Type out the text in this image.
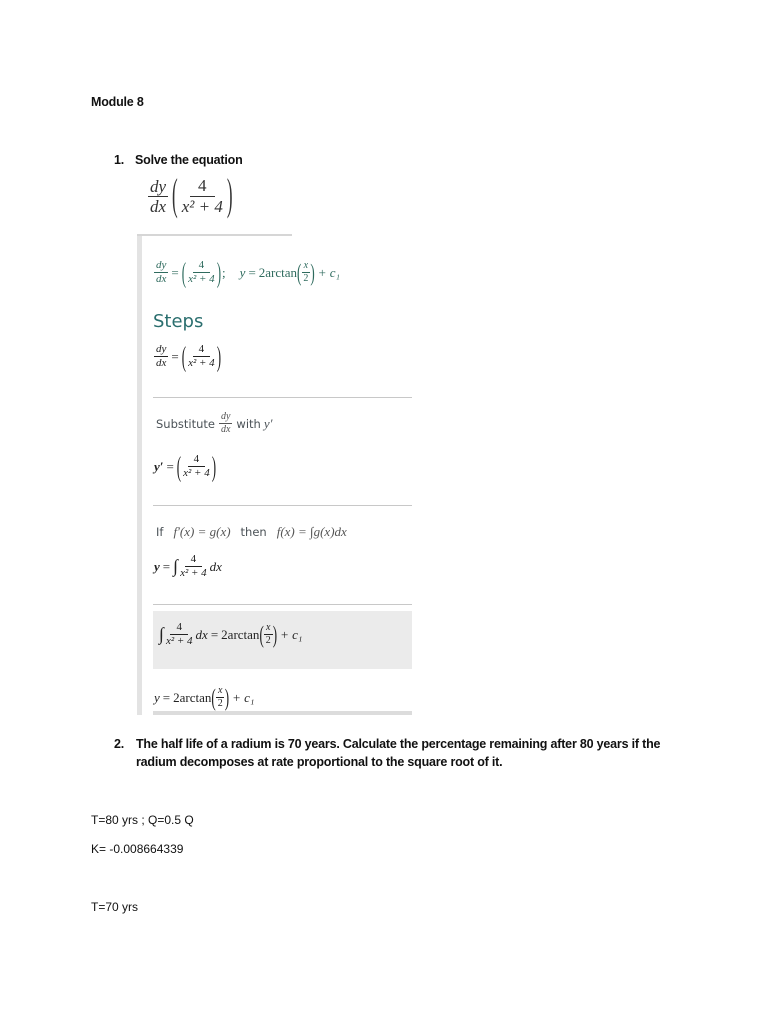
Module 8
1. Solve the equation
$\frac{dy}{dx}$ ( $\frac{4}{\text{x² + 4}}$ )
$\frac{dy}{dx}$ = ( $\frac{4}{\text{x² + 4}}$ ) ; y = 2arctan ( $\frac{x}{2}$ ) + c₁
Steps
$\frac{dy}{dx}$ = ( $\frac{4}{\text{x² + 4}}$ )
Substitute $\frac{dy}{dx}$ with y′
y′ = ( $\frac{4}{\text{x² + 4}}$ )
If f′(x) = g(x) then f(x) = ∫g(x)dx
y = ∫ $\frac{4}{\text{x² + 4}}$ dx
∫ $\frac{4}{\text{x² + 4}}$ dx = 2arctan ( $\frac{x}{2}$ ) + c₁
y = 2arctan ( $\frac{x}{2}$ ) + c₁
2. The half life of a radium is 70 years. Calculate the percentage remaining after 80 years if the
radium decomposes at rate proportional to the square root of it.
T=80 yrs ; Q=0.5 Q
K= -0.008664339
T=70 yrs
